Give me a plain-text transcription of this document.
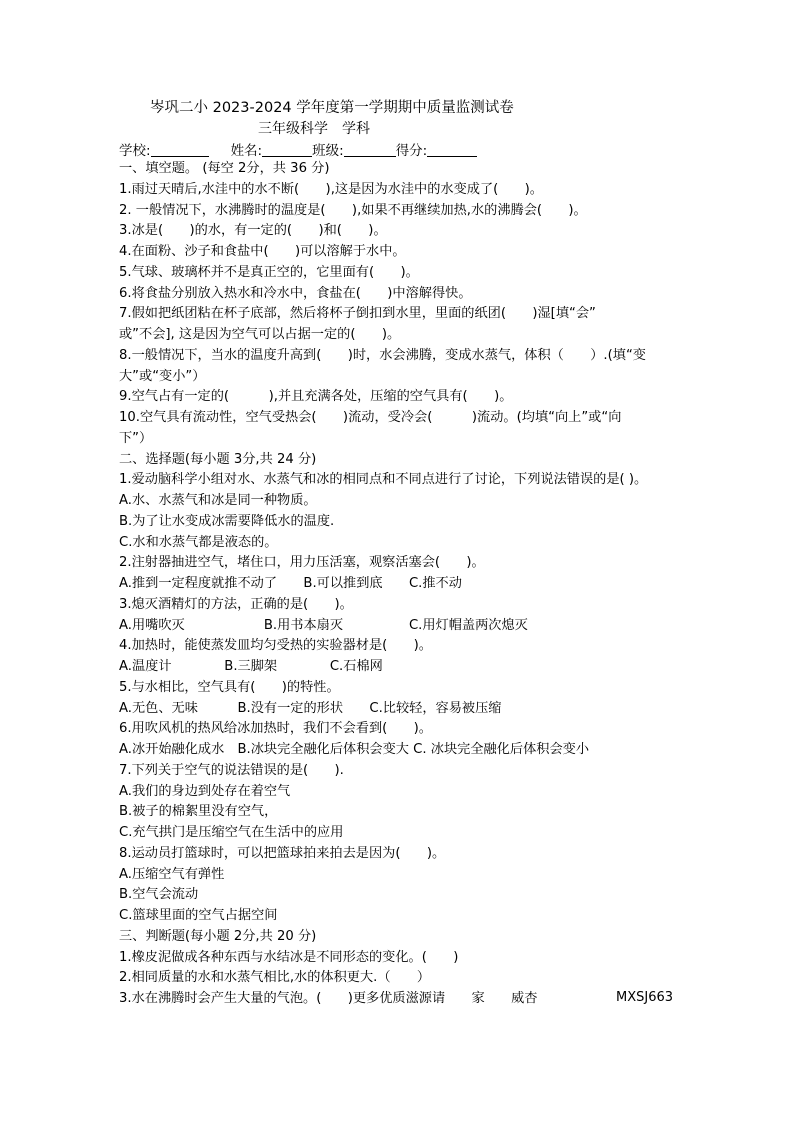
岑巩二小 2023-2024 学年度第一学期期中质量监测试卷
三年级科学　学科
学校:	姓名:	班级:	得分:
一、填空题。 (每空 2分，共 36 分)
1.雨过天晴后,水洼中的水不断(　　),这是因为水洼中的水变成了(　　)。
2. 一般情况下，水沸腾时的温度是(　　),如果不再继续加热,水的沸腾会(　　)。
3.冰是(　　)的水，有一定的(　　)和(　　)。
4.在面粉、沙子和食盐中(　　)可以溶解于水中。
5.气球、玻璃杯并不是真正空的，它里面有(　　)。
6.将食盐分别放入热水和冷水中，食盐在(　　)中溶解得快。
7.假如把纸团粘在杯子底部，然后将杯子倒扣到水里，里面的纸团(　　)湿[填“会”
或”不会], 这是因为空气可以占据一定的(　　)。
8.一般情况下，当水的温度升高到(　　)时，水会沸腾，变成水蒸气，体积（　　）.(填“变
大”或“变小”）
9.空气占有一定的(　　　),并且充满各处，压缩的空气具有(　　)。
10.空气具有流动性，空气受热会(　　)流动，受冷会(　　　)流动。(均填“向上”或“向
下”）
二、选择题(每小题 3分,共 24 分)
1.爱动脑科学小组对水、水蒸气和冰的相同点和不同点进行了讨论，下列说法错误的是( )。
A.水、水蒸气和冰是同一种物质。
B.为了让水变成冰需要降低水的温度.
C.水和水蒸气都是液态的。
2.注射器抽进空气，堵住口，用力压活塞，观察活塞会(　　)。
A.推到一定程度就推不动了　　B.可以推到底　　C.推不动
3.熄灭酒精灯的方法，正确的是(　　)。
A.用嘴吹灭　　　　　　B.用书本扇灭　　　　　C.用灯帽盖两次熄灭
4.加热时，能使蒸发皿均匀受热的实验器材是(　　)。
A.温度计　　　　B.三脚架　　　　C.石棉网
5.与水相比，空气具有(　　)的特性。
A.无色、无味　　　B.没有一定的形状　　C.比较轻，容易被压缩
6.用吹风机的热风给冰加热时，我们不会看到(　　)。
A.冰开始融化成水　B.冰块完全融化后体积会变大 C. 冰块完全融化后体积会变小
7.下列关于空气的说法错误的是(　　).
A.我们的身边到处存在着空气
B.被子的棉絮里没有空气，
C.充气拱门是压缩空气在生活中的应用
8.运动员打篮球时，可以把篮球拍来拍去是因为(　　)。
A.压缩空气有弹性
B.空气会流动
C.篮球里面的空气占据空间
三、判断题(每小题 2分,共 20 分)
1.橡皮泥做成各种东西与水结冰是不同形态的变化。(　　)
2.相同质量的水和水蒸气相比,水的体积更大.（　　）
3.水在沸腾时会产生大量的气泡。(　　)更多优质滋源请　　家　　威杏	MXSJ663
